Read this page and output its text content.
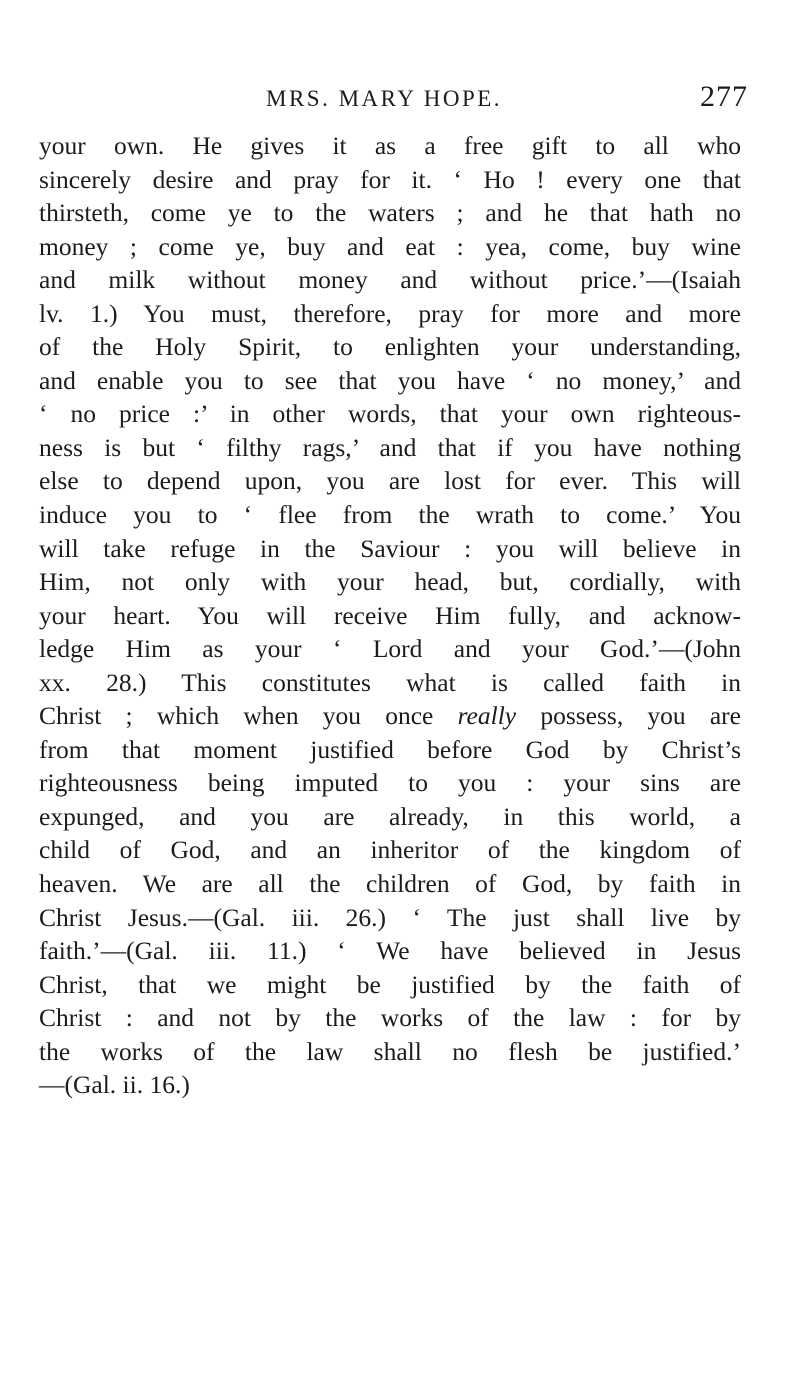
MRS. MARY HOPE.	277
your own. He gives it as a free gift to all who
sincerely desire and pray for it. ‘ Ho ! every one that
thirsteth, come ye to the waters ; and he that hath no
money ; come ye, buy and eat : yea, come, buy wine
and milk without money and without price.’—(Isaiah
lv. 1.) You must, therefore, pray for more and more
of the Holy Spirit, to enlighten your understanding,
and enable you to see that you have ‘ no money,’ and
‘ no price :’ in other words, that your own righteous-
ness is but ‘ filthy rags,’ and that if you have nothing
else to depend upon, you are lost for ever. This will
induce you to ‘ flee from the wrath to come.’ You
will take refuge in the Saviour : you will believe in
Him, not only with your head, but, cordially, with
your heart. You will receive Him fully, and acknow-
ledge Him as your ‘ Lord and your God.’—(John
xx. 28.) This constitutes what is called faith in
Christ ; which when you once really possess, you are
from that moment justified before God by Christ’s
righteousness being imputed to you : your sins are
expunged, and you are already, in this world, a
child of God, and an inheritor of the kingdom of
heaven. We are all the children of God, by faith in
Christ Jesus.—(Gal. iii. 26.) ‘ The just shall live by
faith.’—(Gal. iii. 11.) ‘ We have believed in Jesus
Christ, that we might be justified by the faith of
Christ : and not by the works of the law : for by
the works of the law shall no flesh be justified.’
—(Gal. ii. 16.)
